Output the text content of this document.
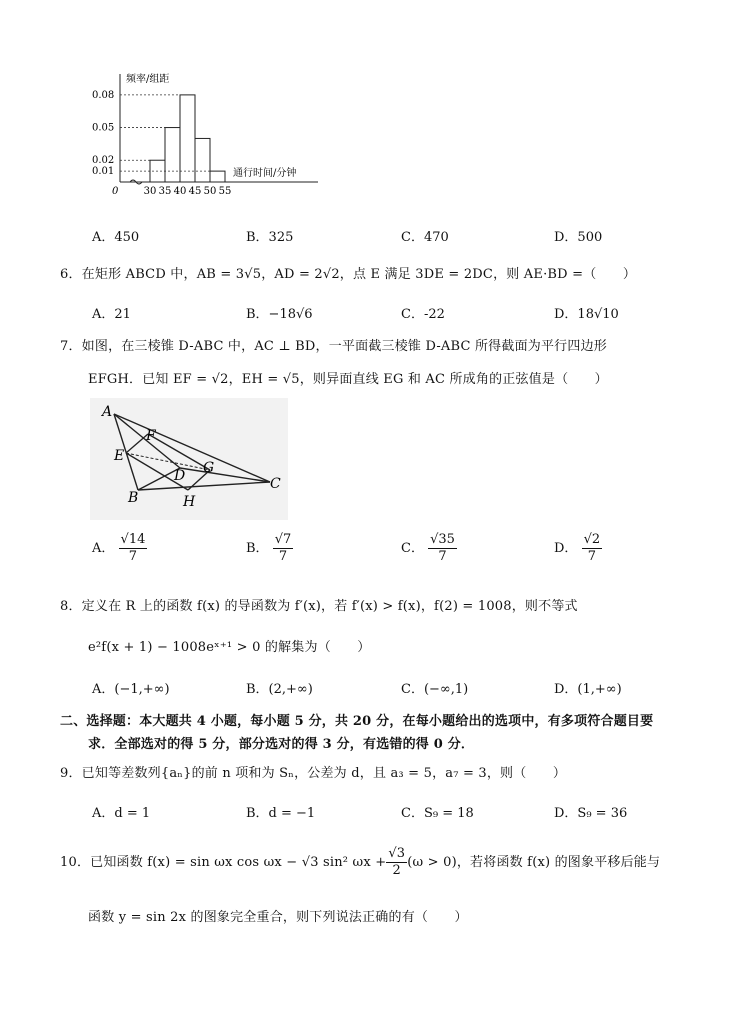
频率/组距
通行时间/分钟
0
0.08
0.05
0.02
0.01
30 35 40 45 50 55
A．450	B．325	C．470	D．500
6．在矩形 ABCD 中，AB = 3√5，AD = 2√2，点 E 满足 3DE = 2DC，则 AE·BD =（　　）
A．21	B．−18√6	C．-22	D．18√10
7．如图，在三棱锥 D-ABC 中，AC ⊥ BD，一平面截三棱锥 D-ABC 所得截面为平行四边形
EFGH．已知 EF = √2，EH = √5，则异面直线 EG 和 AC 所成角的正弦值是（　　）
A
E
F
D G
B	H
C
A． $\frac{√14}{7}$	B． $\frac{√7}{7}$	C． $\frac{√35}{7}$	D． $\frac{√2}{7}$
8．定义在 R 上的函数 f(x) 的导函数为 f′(x)，若 f′(x) > f(x)，f(2) = 1008，则不等式
e²f(x + 1) − 1008eˣ⁺¹ > 0 的解集为（　　）
A．(−1,+∞)	B．(2,+∞)	C．(−∞,1)	D．(1,+∞)
二、选择题：本大题共 4 小题，每小题 5 分，共 20 分，在每小题给出的选项中，有多项符合题目要
求．全部选对的得 5 分，部分选对的得 3 分，有选错的得 0 分．
9．已知等差数列{aₙ}的前 n 项和为 Sₙ，公差为 d，且 a₃ = 5，a₇ = 3，则（　　）
A．d = 1	B．d = −1	C．S₉ = 18	D．S₉ = 36
10．已知函数 f(x) = sin ωx cos ωx − √3 sin² $\omega x + \frac{√3}{2} (\omega > 0)$，若将函数 f(x) 的图象平移后能与
函数 y = sin 2x 的图象完全重合，则下列说法正确的有（　　）
